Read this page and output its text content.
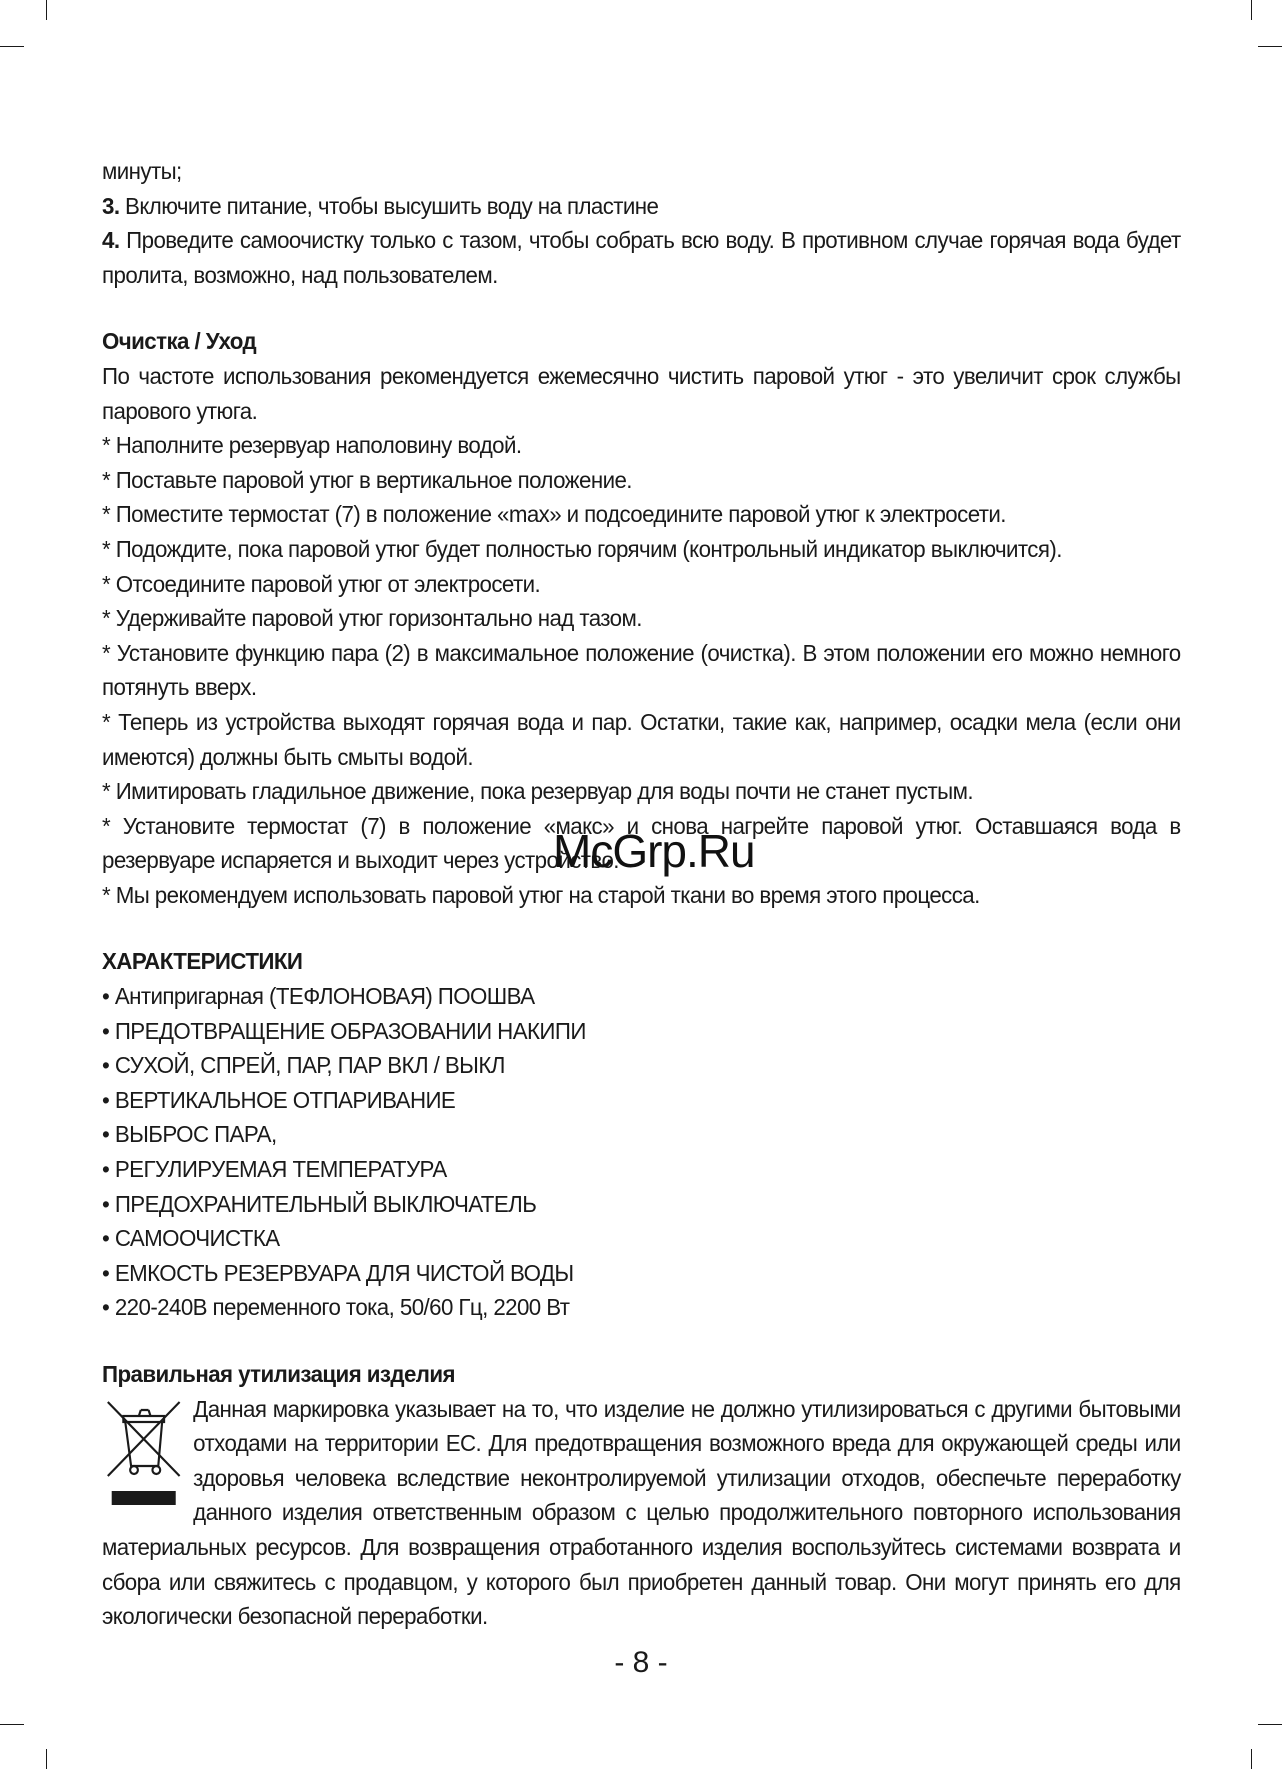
минуты;

3. Включите питание, чтобы высушить воду на пластине

4. Проведите самоочистку только с тазом, чтобы собрать всю воду. В противном случае горячая вода будет пролита, возможно, над пользователем.

Очистка / Уход

По частоте использования рекомендуется ежемесячно чистить паровой утюг - это увеличит срок службы парового утюга.

* Наполните резервуар наполовину водой.

* Поставьте паровой утюг в вертикальное положение.

* Поместите термостат (7) в положение «max» и подсоедините паровой утюг к электросети.

* Подождите, пока паровой утюг будет полностью горячим (контрольный индикатор выключится).

* Отсоедините паровой утюг от электросети.

* Удерживайте паровой утюг горизонтально над тазом.

* Установите функцию пара (2) в максимальное положение (очистка). В этом положении его можно немного потянуть вверх.

* Теперь из устройства выходят горячая вода и пар. Остатки, такие как, например, осадки мела (если они имеются) должны быть смыты водой.

* Имитировать гладильное движение, пока резервуар для воды почти не станет пустым.

* Установите термостат (7) в положение «макс» и снова нагрейте паровой утюг. Оставшаяся вода в резервуаре испаряется и выходит через устройство.

* Мы рекомендуем использовать паровой утюг на старой ткани во время этого процесса.

ХАРАКТЕРИСТИКИ

• Антипригарная (ТЕФЛОНОВАЯ) ПООШВА

• ПРЕДОТВРАЩЕНИЕ ОБРАЗОВАНИИ НАКИПИ

• СУХОЙ, СПРЕЙ, ПАР, ПАР ВКЛ / ВЫКЛ

• ВЕРТИКАЛЬНОЕ ОТПАРИВАНИЕ

• ВЫБРОС ПАРА,

• РЕГУЛИРУЕМАЯ ТЕМПЕРАТУРА

• ПРЕДОХРАНИТЕЛЬНЫЙ ВЫКЛЮЧАТЕЛЬ

• САМООЧИСТКА

• ЕМКОСТЬ РЕЗЕРВУАРА ДЛЯ ЧИСТОЙ ВОДЫ

• 220-240В переменного тока, 50/60 Гц, 2200 Вт

Правильная утилизация изделия

Данная маркировка указывает на то, что изделие не должно утилизироваться с другими бытовыми отходами на территории ЕС. Для предотвращения возможного вреда для окружающей среды или здоровья человека вследствие неконтролируемой утилизации отходов, обеспечьте переработку данного изделия ответственным образом с целью продолжительного повторного использования материальных ресурсов. Для возвращения отработанного изделия воспользуйтесь системами возврата и сбора или свяжитесь с продавцом, у которого был приобретен данный товар. Они могут принять его для экологически безопасной переработки.

McGrp.Ru
- 8 -
